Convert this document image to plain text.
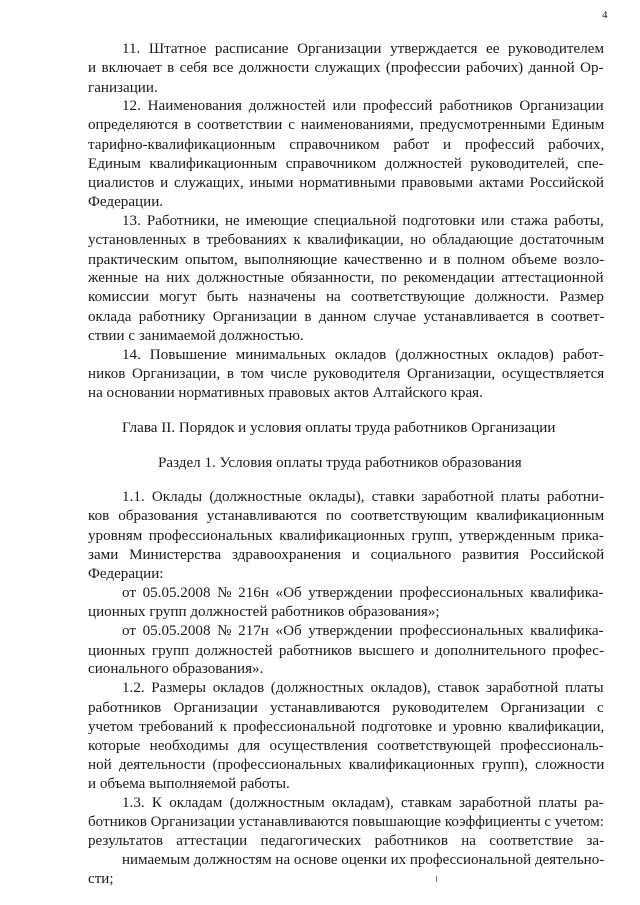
4
11. Штатное расписание Организации утверждается ее руководителем
и включает в себя все должности служащих (профессии рабочих) данной Ор-
ганизации.
12. Наименования должностей или профессий работников Организации
определяются в соответствии с наименованиями, предусмотренными Единым
тарифно-квалификационным справочником работ и профессий рабочих,
Единым квалификационным справочником должностей руководителей, спе-
циалистов и служащих, иными нормативными правовыми актами Российской
Федерации.
13. Работники, не имеющие специальной подготовки или стажа работы,
установленных в требованиях к квалификации, но обладающие достаточным
практическим опытом, выполняющие качественно и в полном объеме возло-
женные на них должностные обязанности, по рекомендации аттестационной
комиссии могут быть назначены на соответствующие должности. Размер
оклада работнику Организации в данном случае устанавливается в соответ-
ствии с занимаемой должностью.
14. Повышение минимальных окладов (должностных окладов) работ-
ников Организации, в том числе руководителя Организации, осуществляется
на основании нормативных правовых актов Алтайского края.
Глава II. Порядок и условия оплаты труда работников Организации
Раздел 1. Условия оплаты труда работников образования
1.1. Оклады (должностные оклады), ставки заработной платы работни-
ков образования устанавливаются по соответствующим квалификационным
уровням профессиональных квалификационных групп, утвержденным прика-
зами Министерства здравоохранения и социального развития Российской
Федерации:
от 05.05.2008 № 216н «Об утверждении профессиональных квалифика-
ционных групп должностей работников образования»;
от 05.05.2008 № 217н «Об утверждении профессиональных квалифика-
ционных групп должностей работников высшего и дополнительного профес-
сионального образования».
1.2. Размеры окладов (должностных окладов), ставок заработной платы
работников Организации устанавливаются руководителем Организации с
учетом требований к профессиональной подготовке и уровню квалификации,
которые необходимы для осуществления соответствующей профессиональ-
ной деятельности (профессиональных квалификационных групп), сложности
и объема выполняемой работы.
1.3. К окладам (должностным окладам), ставкам заработной платы ра-
ботников Организации устанавливаются повышающие коэффициенты с учетом:
результатов аттестации педагогических работников на соответствие за-
нимаемым должностям на основе оценки их профессиональной деятельно-
сти;
